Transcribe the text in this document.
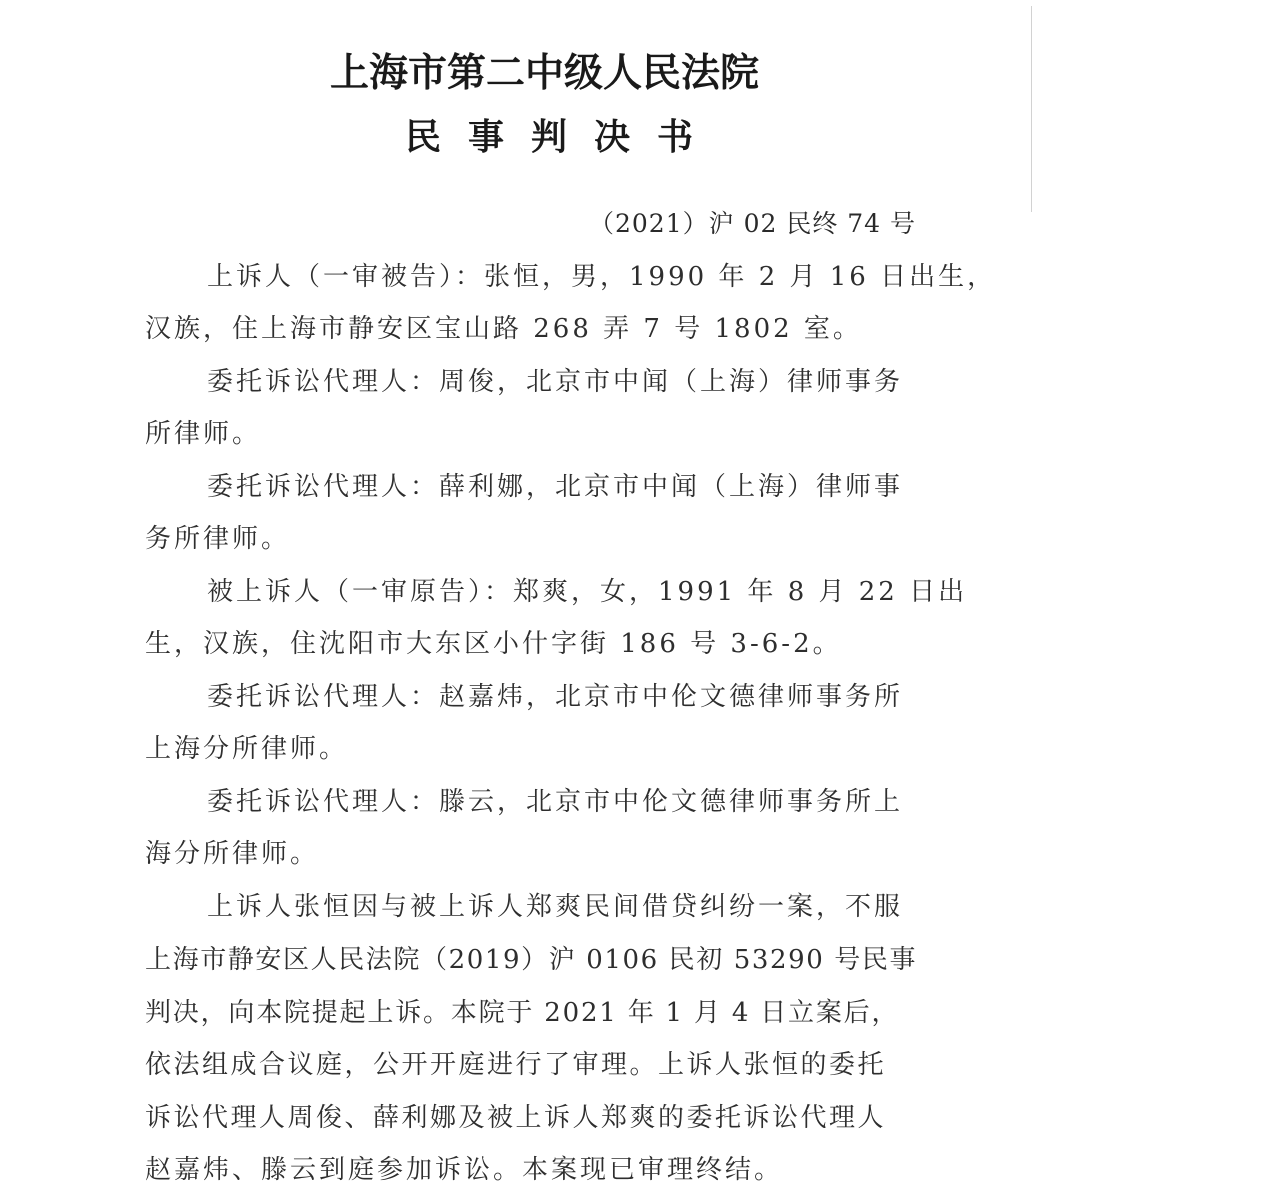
上海市第二中级人民法院
民事判决书

（2021）沪 02 民终 74 号

上诉人（一审被告）：张恒，男，1990 年 2 月 16 日出生，

汉族，住上海市静安区宝山路 268 弄 7 号 1802 室。

委托诉讼代理人：周俊，北京市中闻（上海）律师事务

所律师。

委托诉讼代理人：薛利娜，北京市中闻（上海）律师事

务所律师。

被上诉人（一审原告）：郑爽，女，1991 年 8 月 22 日出

生，汉族，住沈阳市大东区小什字街 186 号 3-6-2。

委托诉讼代理人：赵嘉炜，北京市中伦文德律师事务所

上海分所律师。

委托诉讼代理人：滕云，北京市中伦文德律师事务所上

海分所律师。

上诉人张恒因与被上诉人郑爽民间借贷纠纷一案，不服

上海市静安区人民法院（2019）沪 0106 民初 53290 号民事

判决，向本院提起上诉。本院于 2021 年 1 月 4 日立案后，

依法组成合议庭，公开开庭进行了审理。上诉人张恒的委托

诉讼代理人周俊、薛利娜及被上诉人郑爽的委托诉讼代理人

赵嘉炜、滕云到庭参加诉讼。本案现已审理终结。
